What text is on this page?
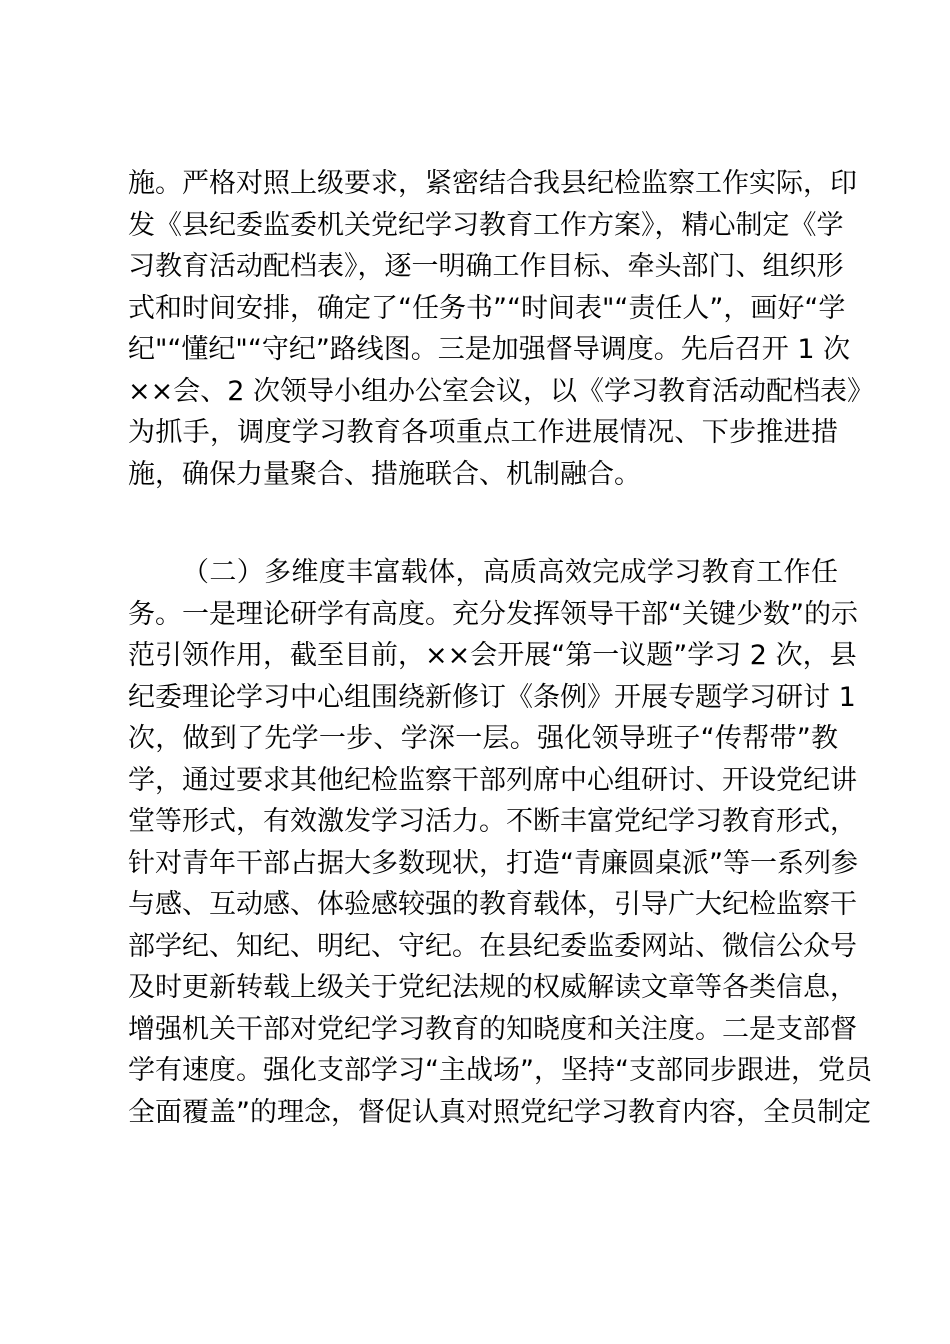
施。严格对照上级要求，紧密结合我县纪检监察工作实际，印
发《县纪委监委机关党纪学习教育工作方案》，精心制定《学
习教育活动配档表》，逐一明确工作目标、牵头部门、组织形
式和时间安排，确定了“任务书”“时间表"“责任人”，画好“学
纪"“懂纪"“守纪”路线图。三是加强督导调度。先后召开 1 次
××会、2 次领导小组办公室会议，以《学习教育活动配档表》
为抓手，调度学习教育各项重点工作进展情况、下步推进措
施，确保力量聚合、措施联合、机制融合。
（二）多维度丰富载体，高质高效完成学习教育工作任
务。一是理论研学有高度。充分发挥领导干部“关键少数”的示
范引领作用，截至目前，××会开展“第一议题”学习 2 次，县
纪委理论学习中心组围绕新修订《条例》开展专题学习研讨 1
次，做到了先学一步、学深一层。强化领导班子“传帮带”教
学，通过要求其他纪检监察干部列席中心组研讨、开设党纪讲
堂等形式，有效激发学习活力。不断丰富党纪学习教育形式，
针对青年干部占据大多数现状，打造“青廉圆桌派”等一系列参
与感、互动感、体验感较强的教育载体，引导广大纪检监察干
部学纪、知纪、明纪、守纪。在县纪委监委网站、微信公众号
及时更新转载上级关于党纪法规的权威解读文章等各类信息，
增强机关干部对党纪学习教育的知晓度和关注度。二是支部督
学有速度。强化支部学习“主战场”，坚持“支部同步跟进，党员
全面覆盖”的理念，督促认真对照党纪学习教育内容，全员制定
